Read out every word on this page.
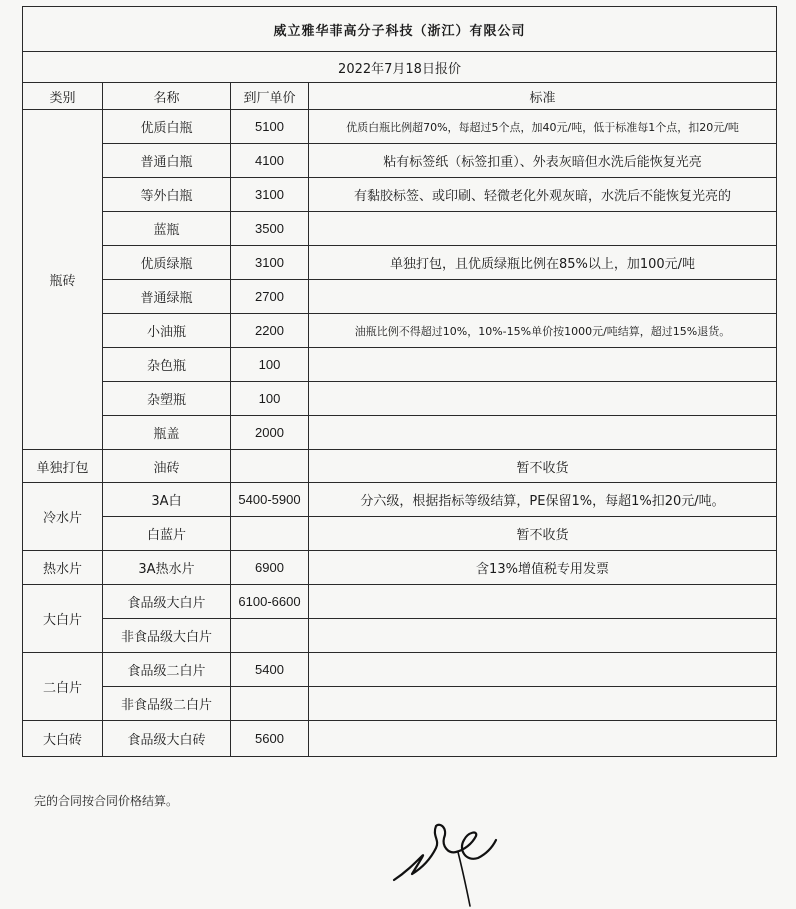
威立雅华菲高分子科技（浙江）有限公司			
2022年7月18日报价			
类别	名称	到厂单价	标准
瓶砖	优质白瓶	5100	优质白瓶比例超70%，每超过5个点，加40元/吨，低于标准每1个点，扣20元/吨
	普通白瓶	4100	粘有标签纸（标签扣重）、外表灰暗但水洗后能恢复光亮
	等外白瓶	3100	有黏胶标签、或印刷、轻微老化外观灰暗，水洗后不能恢复光亮的
	蓝瓶	3500	
	优质绿瓶	3100	单独打包，且优质绿瓶比例在85%以上，加100元/吨
	普通绿瓶	2700	
	小油瓶	2200	油瓶比例不得超过10%，10%-15%单价按1000元/吨结算，超过15%退货。
	杂色瓶	100	
	杂塑瓶	100	
	瓶盖	2000	
单独打包	油砖		暂不收货
冷水片	3A白	5400-5900	分六级，根据指标等级结算，PE保留1%，每超1%扣20元/吨。
	白蓝片		暂不收货
热水片	3A热水片	6900	含13%增值税专用发票
大白片	食品级大白片	6100-6600	
	非食品级大白片		
二白片	食品级二白片	5400	
	非食品级二白片		
大白砖	食品级大白砖	5600	
完的合同按合同价格结算。
